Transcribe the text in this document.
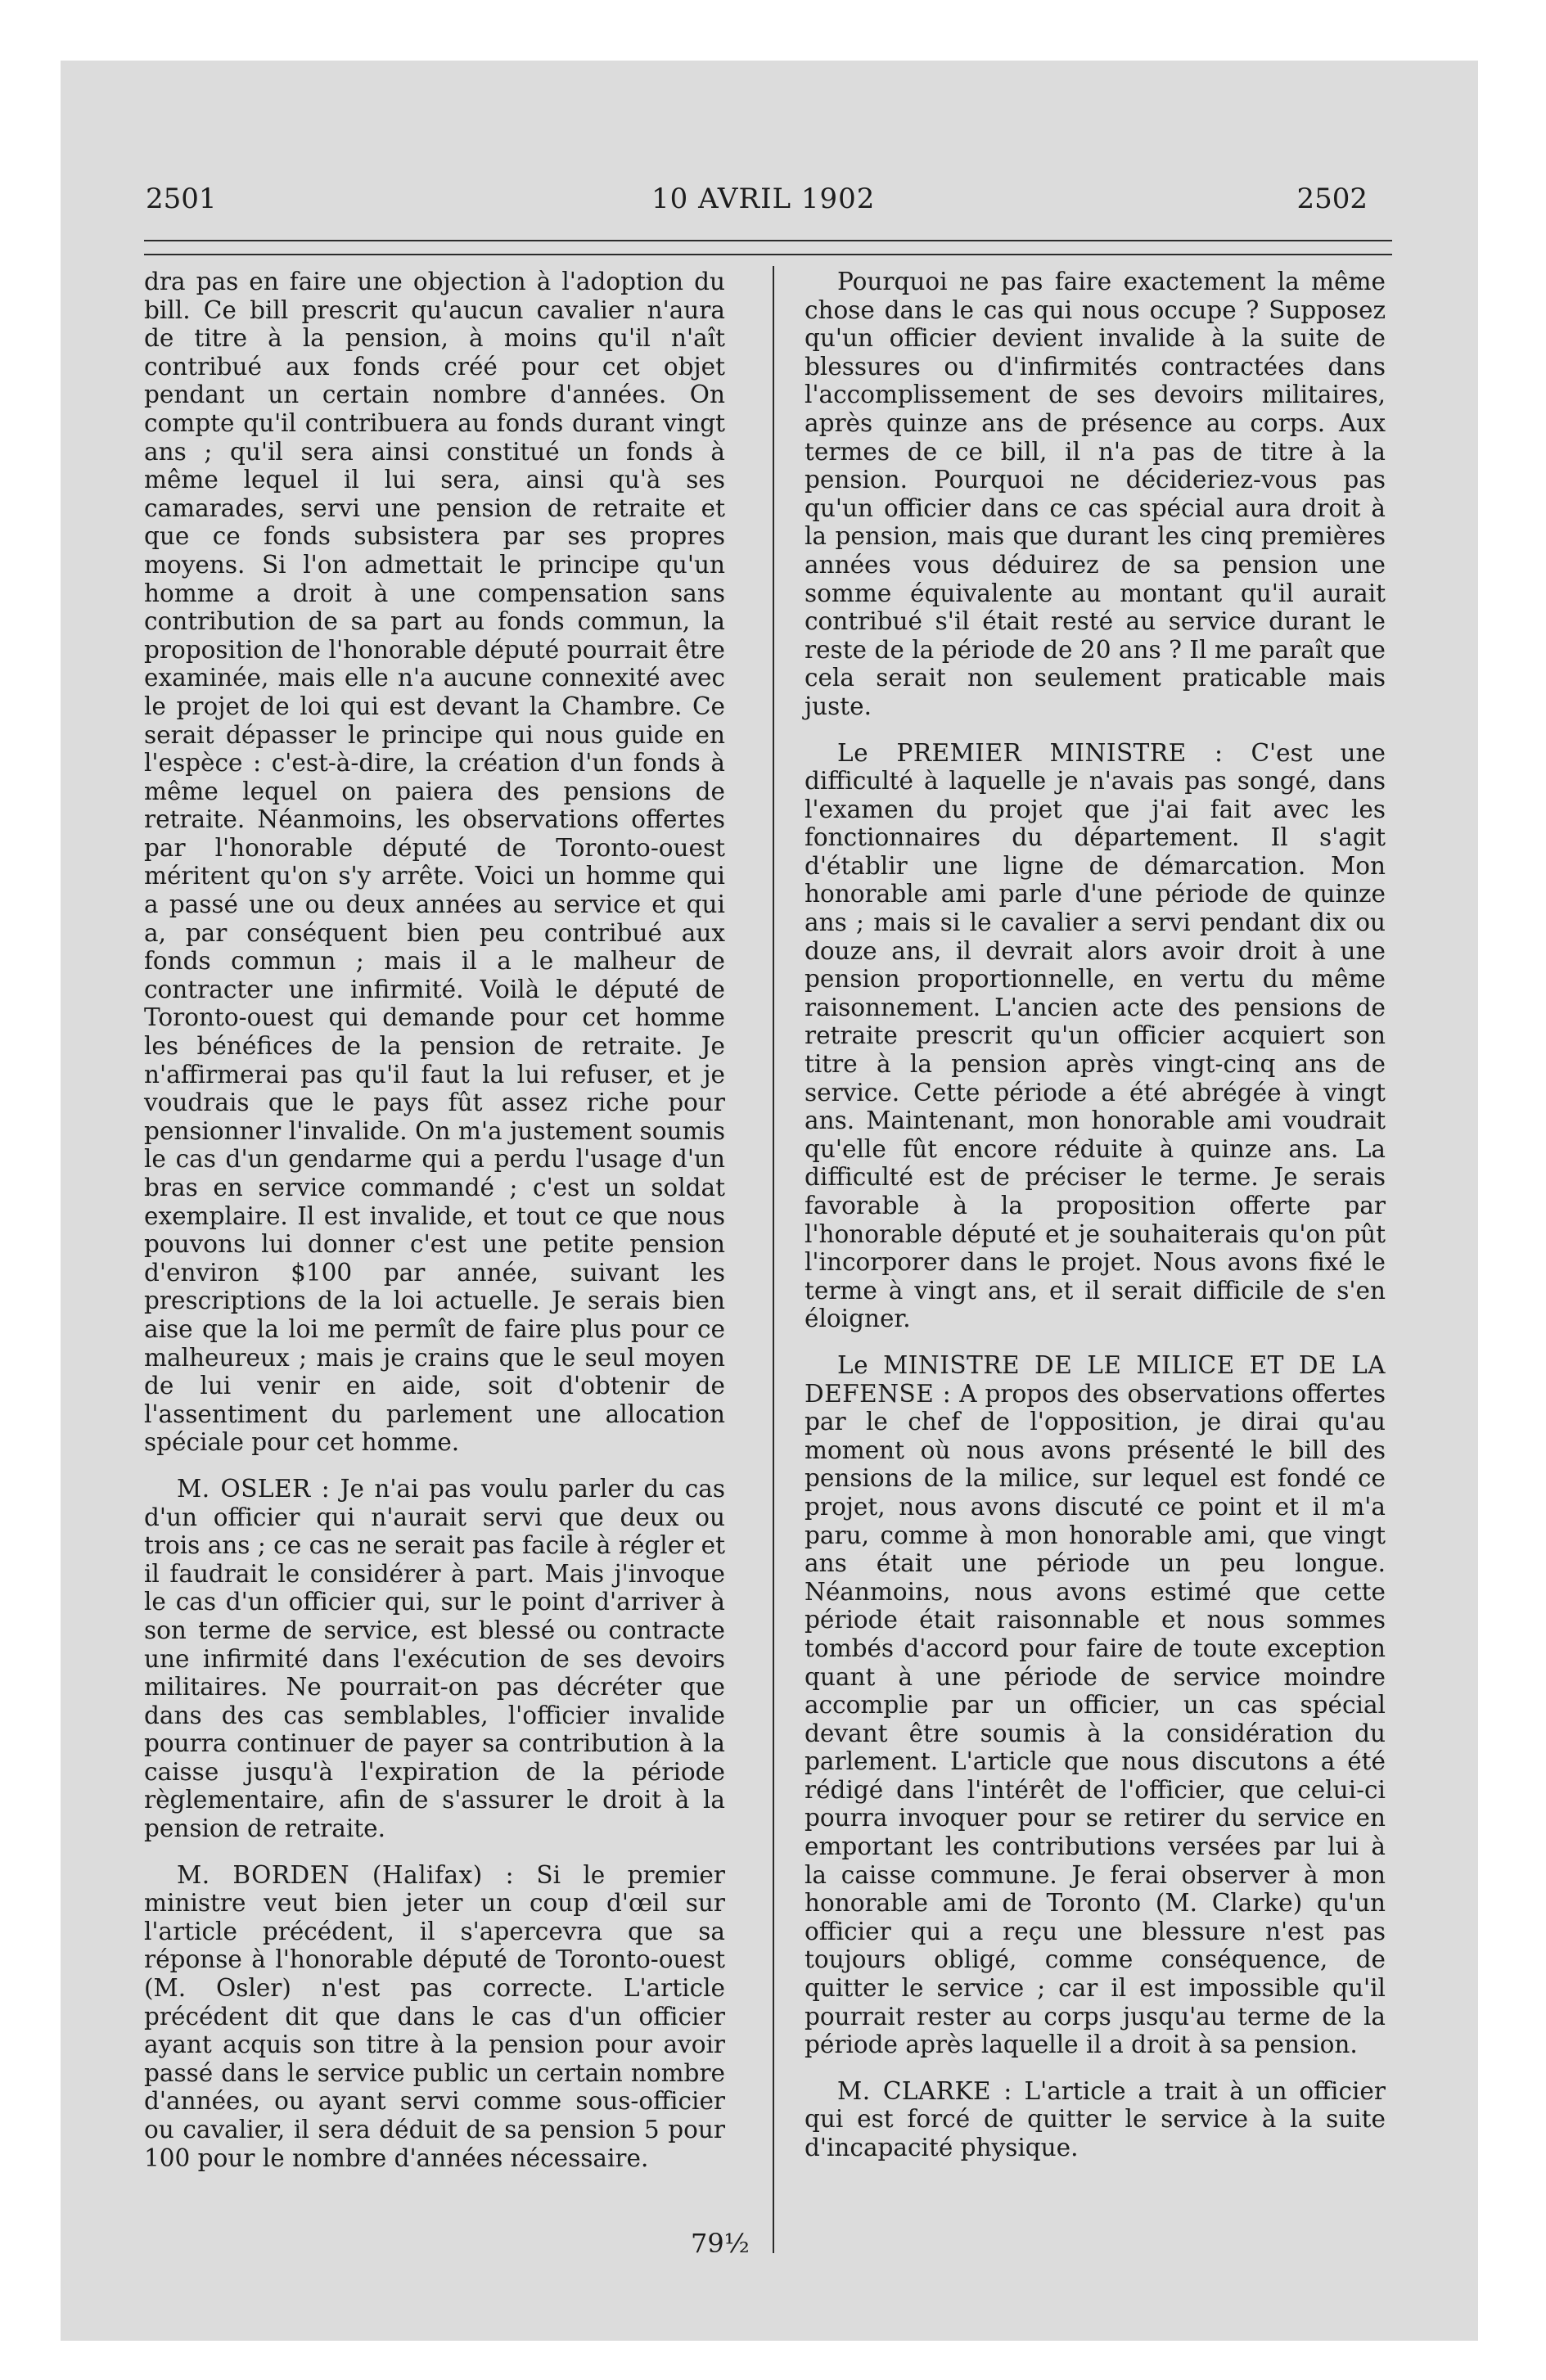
2501	10 AVRIL 1902	2502

dra pas en faire une objection à l'adoption du bill. Ce bill prescrit qu'aucun cavalier n'aura de titre à la pension, à moins qu'il n'aît contribué aux fonds créé pour cet objet pendant un certain nombre d'années. On compte qu'il contribuera au fonds durant vingt ans ; qu'il sera ainsi constitué un fonds à même lequel il lui sera, ainsi qu'à ses camarades, servi une pension de retraite et que ce fonds subsistera par ses propres moyens. Si l'on admettait le principe qu'un homme a droit à une compensation sans contribution de sa part au fonds commun, la proposition de l'honorable député pourrait être examinée, mais elle n'a aucune connexité avec le projet de loi qui est devant la Chambre. Ce serait dépasser le principe qui nous guide en l'espèce : c'est-à-dire, la création d'un fonds à même lequel on paiera des pensions de retraite. Néanmoins, les observations offertes par l'honorable député de Toronto-ouest méritent qu'on s'y arrête. Voici un homme qui a passé une ou deux années au service et qui a, par conséquent bien peu contribué aux fonds commun ; mais il a le malheur de contracter une infirmité. Voilà le député de Toronto-ouest qui demande pour cet homme les bénéfices de la pension de retraite. Je n'affirmerai pas qu'il faut la lui refuser, et je voudrais que le pays fût assez riche pour pensionner l'invalide. On m'a justement soumis le cas d'un gendarme qui a perdu l'usage d'un bras en service commandé ; c'est un soldat exemplaire. Il est invalide, et tout ce que nous pouvons lui donner c'est une petite pension d'environ $100 par année, suivant les prescriptions de la loi actuelle. Je serais bien aise que la loi me permît de faire plus pour ce malheureux ; mais je crains que le seul moyen de lui venir en aide, soit d'obtenir de l'assentiment du parlement une allocation spéciale pour cet homme.

M. OSLER : Je n'ai pas voulu parler du cas d'un officier qui n'aurait servi que deux ou trois ans ; ce cas ne serait pas facile à régler et il faudrait le considérer à part. Mais j'invoque le cas d'un officier qui, sur le point d'arriver à son terme de service, est blessé ou contracte une infirmité dans l'exécution de ses devoirs militaires. Ne pourrait-on pas décréter que dans des cas semblables, l'officier invalide pourra continuer de payer sa contribution à la caisse jusqu'à l'expiration de la période règlementaire, afin de s'assurer le droit à la pension de retraite.

M. BORDEN (Halifax) : Si le premier ministre veut bien jeter un coup d'œil sur l'article précédent, il s'apercevra que sa réponse à l'honorable député de Toronto-ouest (M. Osler) n'est pas correcte. L'article précédent dit que dans le cas d'un officier ayant acquis son titre à la pension pour avoir passé dans le service public un certain nombre d'années, ou ayant servi comme sous-officier ou cavalier, il sera déduit de sa pension 5 pour 100 pour le nombre d'années nécessaire.

Pourquoi ne pas faire exactement la même chose dans le cas qui nous occupe ? Supposez qu'un officier devient invalide à la suite de blessures ou d'infirmités contractées dans l'accomplissement de ses devoirs militaires, après quinze ans de présence au corps. Aux termes de ce bill, il n'a pas de titre à la pension. Pourquoi ne décideriez-vous pas qu'un officier dans ce cas spécial aura droit à la pension, mais que durant les cinq premières années vous déduirez de sa pension une somme équivalente au montant qu'il aurait contribué s'il était resté au service durant le reste de la période de 20 ans ? Il me paraît que cela serait non seulement praticable mais juste.

Le PREMIER MINISTRE : C'est une difficulté à laquelle je n'avais pas songé, dans l'examen du projet que j'ai fait avec les fonctionnaires du département. Il s'agit d'établir une ligne de démarcation. Mon honorable ami parle d'une période de quinze ans ; mais si le cavalier a servi pendant dix ou douze ans, il devrait alors avoir droit à une pension proportionnelle, en vertu du même raisonnement. L'ancien acte des pensions de retraite prescrit qu'un officier acquiert son titre à la pension après vingt-cinq ans de service. Cette période a été abrégée à vingt ans. Maintenant, mon honorable ami voudrait qu'elle fût encore réduite à quinze ans. La difficulté est de préciser le terme. Je serais favorable à la proposition offerte par l'honorable député et je souhaiterais qu'on pût l'incorporer dans le projet. Nous avons fixé le terme à vingt ans, et il serait difficile de s'en éloigner.

Le MINISTRE DE LE MILICE ET DE LA DEFENSE : A propos des observations offertes par le chef de l'opposition, je dirai qu'au moment où nous avons présenté le bill des pensions de la milice, sur lequel est fondé ce projet, nous avons discuté ce point et il m'a paru, comme à mon honorable ami, que vingt ans était une période un peu longue. Néanmoins, nous avons estimé que cette période était raisonnable et nous sommes tombés d'accord pour faire de toute exception quant à une période de service moindre accomplie par un officier, un cas spécial devant être soumis à la considération du parlement. L'article que nous discutons a été rédigé dans l'intérêt de l'officier, que celui-ci pourra invoquer pour se retirer du service en emportant les contributions versées par lui à la caisse commune. Je ferai observer à mon honorable ami de Toronto (M. Clarke) qu'un officier qui a reçu une blessure n'est pas toujours obligé, comme conséquence, de quitter le service ; car il est impossible qu'il pourrait rester au corps jusqu'au terme de la période après laquelle il a droit à sa pension.

M. CLARKE : L'article a trait à un officier qui est forcé de quitter le service à la suite d'incapacité physique.

79½
